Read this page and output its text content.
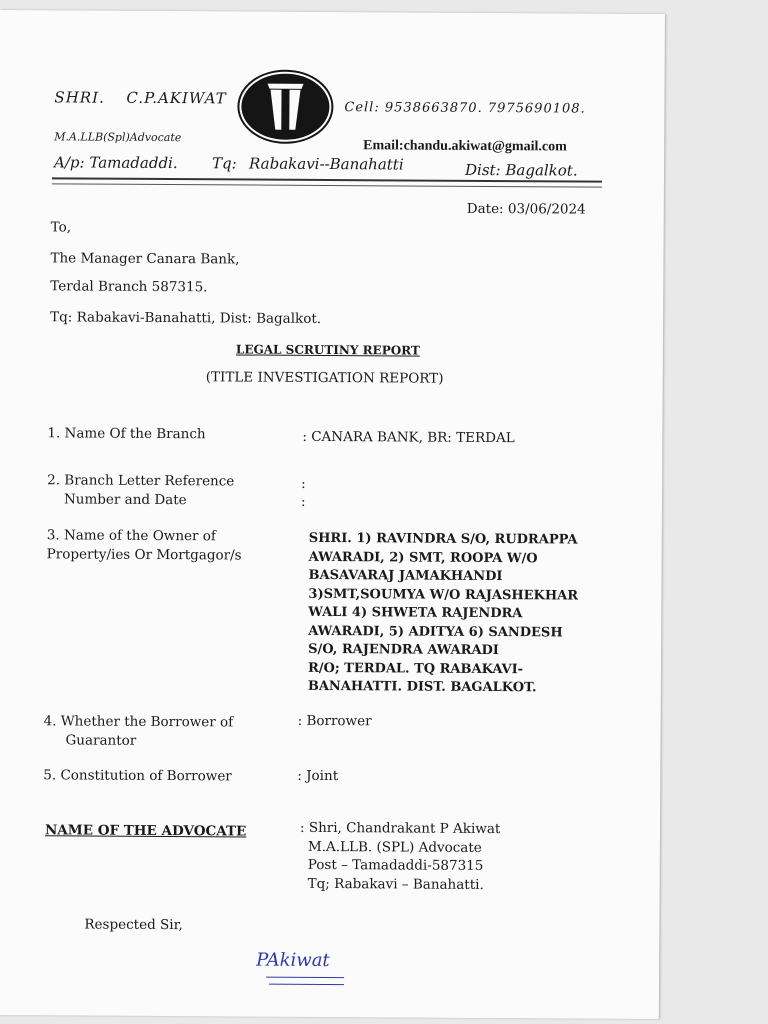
SHRI. C.P.AKIWAT
Cell: 9538663870. 7975690108.
M.A.LLB(Spl)Advocate
Email:chandu.akiwat@gmail.com
A/p: Tamadaddi. Tq: Rabakavi--Banahatti	Dist: Bagalkot.
Date: 03/06/2024
To,
The Manager Canara Bank,
Terdal Branch 587315.
Tq: Rabakavi-Banahatti, Dist: Bagalkot.
LEGAL SCRUTINY REPORT
(TITLE INVESTIGATION REPORT)
1. Name Of the Branch	: CANARA BANK, BR: TERDAL
2. Branch Letter Reference
Number and Date
:
:
3. Name of the Owner of
Property/ies Or Mortgagor/s
SHRI. 1) RAVINDRA S/O, RUDRAPPA
AWARADI, 2) SMT, ROOPA W/O
BASAVARAJ JAMAKHANDI
3)SMT,SOUMYA W/O RAJASHEKHAR
WALI 4) SHWETA RAJENDRA
AWARADI, 5) ADITYA 6) SANDESH
S/O, RAJENDRA AWARADI
R/O; TERDAL. TQ RABAKAVI-
BANAHATTI. DIST. BAGALKOT.
4. Whether the Borrower of
Guarantor
: Borrower
5. Constitution of Borrower	: Joint
NAME OF THE ADVOCATE	: Shri, Chandrakant P Akiwat
M.A.LLB. (SPL) Advocate
Post – Tamadaddi-587315
Tq; Rabakavi – Banahatti.
Respected Sir,
PAkiwat
